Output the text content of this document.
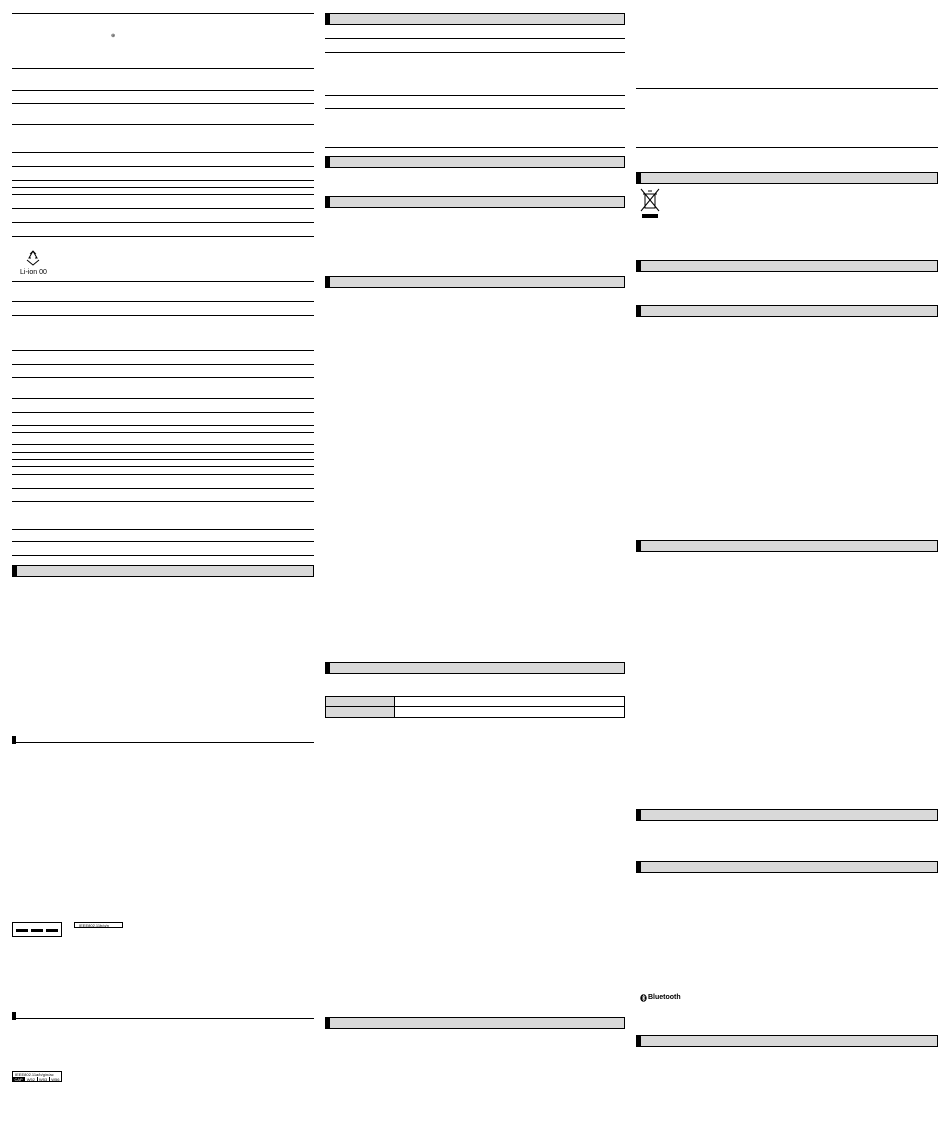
⊕
Li-ion 00
IEEE802.11b/g/n
IEEE802.11a/b/g/n/ac
CAP	W52	W53	W56
Bluetooth
